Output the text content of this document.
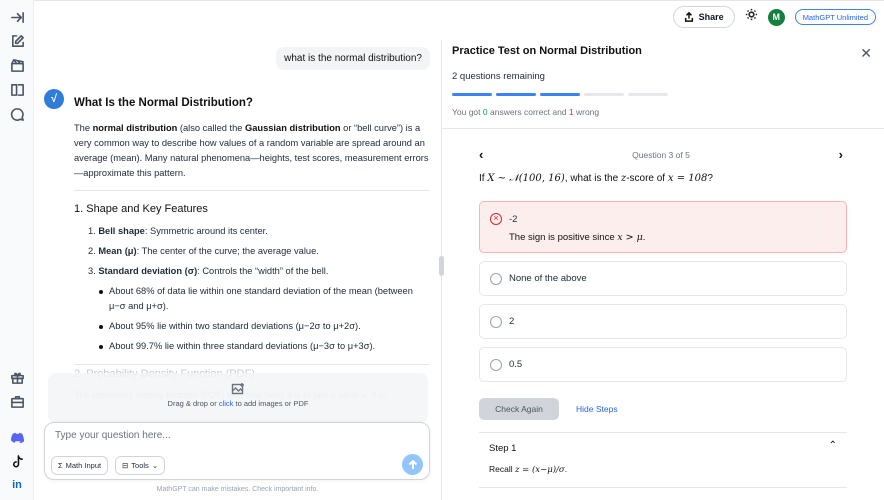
in
Share	M	MathGPT Unlimited
what is the normal distribution?
√	What Is the Normal Distribution?

The normal distribution (also called the Gaussian distribution or “bell curve”) is a very common way to describe how values of a random variable are spread around an average (mean). Many natural phenomena—heights, test scores, measurement errors—approximate this pattern.

1. Shape and Key Features
1. Bell shape: Symmetric around its center.
2. Mean (μ): The center of the curve; the average value.
3. Standard deviation (σ): Controls the “width” of the bell.
About 68% of data lie within one standard deviation of the mean (between μ−σ and μ+σ).
About 95% lie within two standard deviations (μ−2σ to μ+2σ).
About 99.7% lie within three standard deviations (μ−3σ to μ+3σ).
Drag & drop or click to add images or PDF
Type your question here...
Σ Math Input	⊟ Tools ⌄
MathGPT can make mistakes. Check important info.
Practice Test on Normal Distribution	✕
2 questions remaining
You got 0 answers correct and 1 wrong
‹	Question 3 of 5	›
If X ∼ 𝒩(100, 16), what is the z-score of x = 108?
×	-2
The sign is positive since x > μ.
None of the above
2
0.5
Check Again	Hide Steps
Step 1	⌃
Recall z = (x−μ)/σ.
